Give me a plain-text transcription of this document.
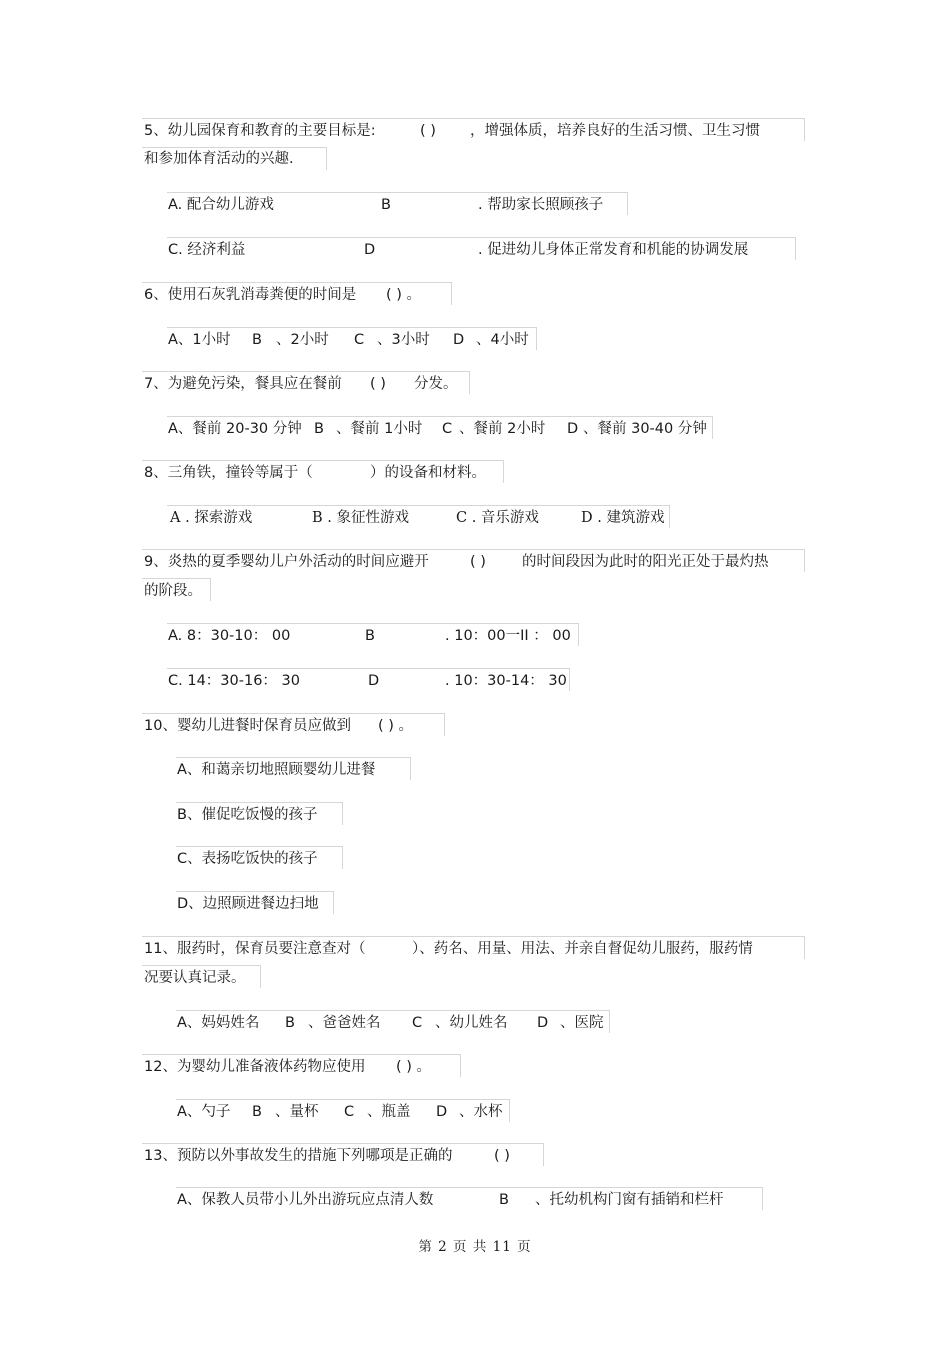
5、幼儿园保育和教育的主要目标是:	( ) ，增强体质，培养良好的生活习惯、卫生习惯
和参加体育活动的兴趣.
A. 配合幼儿游戏	B	. 帮助家长照顾孩子
C. 经济利益	D	. 促进幼儿身体正常发育和机能的协调发展
6、使用石灰乳消毒粪便的时间是 ( ) 。
A、1小时 B 、2小时 C 、3小时 D 、4小时
7、为避免污染，餐具应在餐前 ( ) 分发。
A、餐前 20-30 分钟 B 、餐前 1小时 C 、餐前 2小时 D 、餐前 30-40 分钟
8、三角铁，撞铃等属于（	）的设备和材料。
A . 探索游戏	B . 象征性游戏	C . 音乐游戏	D . 建筑游戏
9、炎热的夏季婴幼儿户外活动的时间应避开	( ) 的时间段因为此时的阳光正处于最灼热
的阶段。
A. 8：30-10： 00	B	. 10：00一II ： 00
C. 14：30-16： 30	D	. 10：30-14： 30
10、婴幼儿进餐时保育员应做到 ( ) 。
A、和蔼亲切地照顾婴幼儿进餐
B、催促吃饭慢的孩子
C、表扬吃饭快的孩子
D、边照顾进餐边扫地
11、服药时，保育员要注意查对（	）、药名、用量、用法、并亲自督促幼儿服药，服药情
况要认真记录。
A、妈妈姓名 B 、爸爸姓名 C 、幼儿姓名 D 、医院
12、为婴幼儿准备液体药物应使用 ( ) 。
A、勺子 B 、量杯 C 、瓶盖 D 、水杯
13、预防以外事故发生的措施下列哪项是正确的	( )
A、保教人员带小儿外出游玩应点清人数	B 、托幼机构门窗有插销和栏杆
第 2 页 共 11 页
